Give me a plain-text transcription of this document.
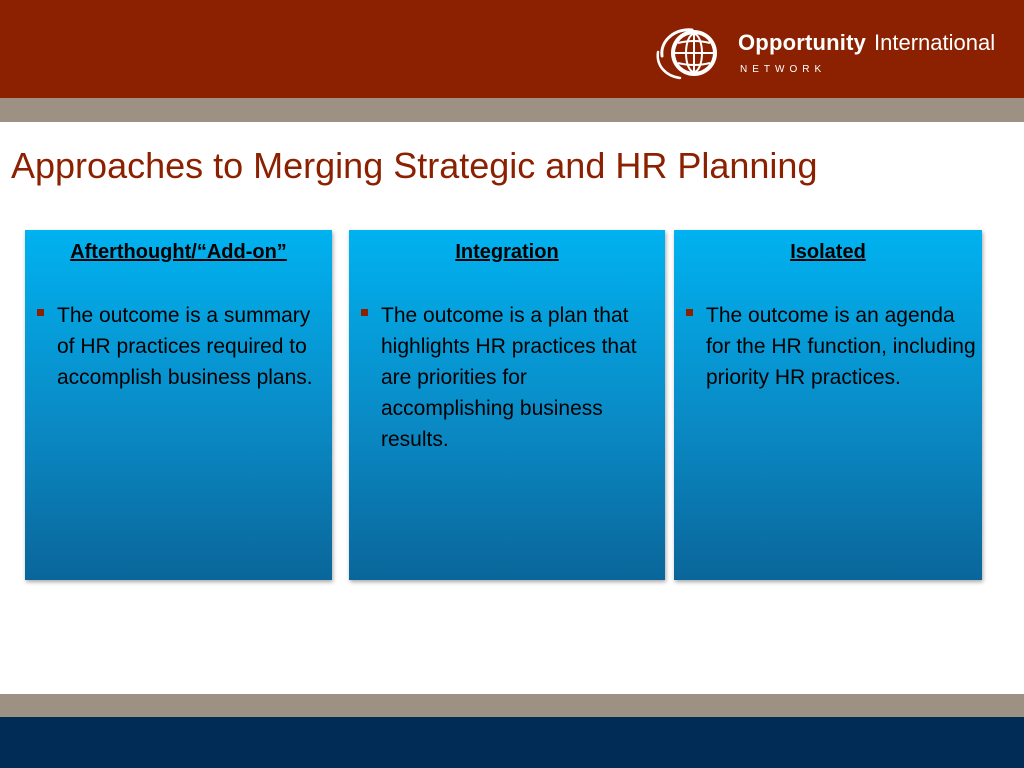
Opportunity International
NETWORK
Approaches to Merging Strategic and HR Planning
Afterthought/“Add-on”
The outcome is a summary of HR practices required to accomplish business plans.
Integration
The outcome is a plan that highlights HR practices that are priorities for accomplishing business results.
Isolated
The outcome is an agenda for the HR function, including priority HR practices.
